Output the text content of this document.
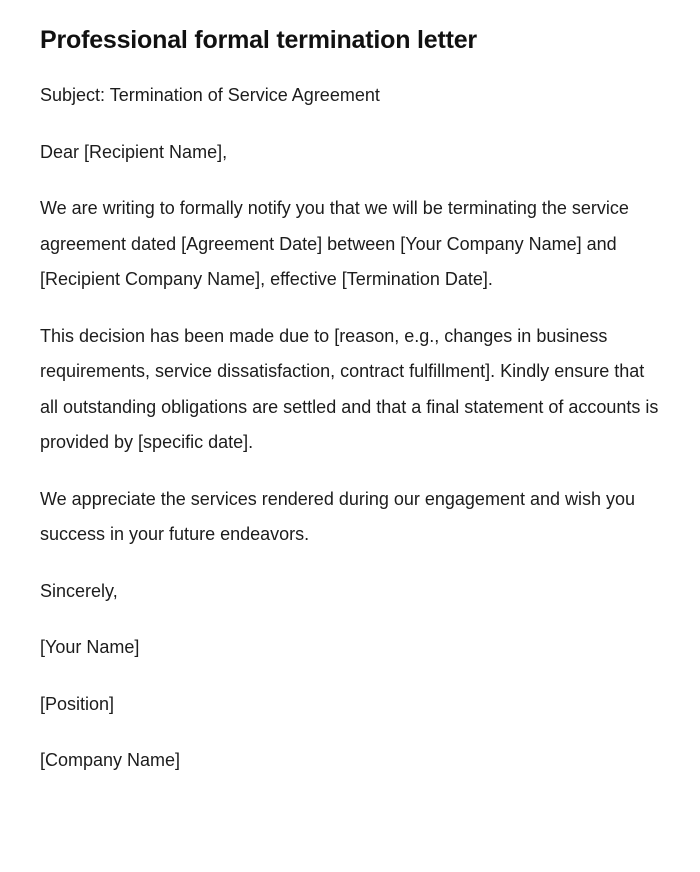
Professional formal termination letter

Subject: Termination of Service Agreement

Dear [Recipient Name],

We are writing to formally notify you that we will be terminating the service agreement dated [Agreement Date] between [Your Company Name] and [Recipient Company Name], effective [Termination Date].

This decision has been made due to [reason, e.g., changes in business requirements, service dissatisfaction, contract fulfillment]. Kindly ensure that all outstanding obligations are settled and that a final statement of accounts is provided by [specific date].

We appreciate the services rendered during our engagement and wish you success in your future endeavors.

Sincerely,

[Your Name]

[Position]

[Company Name]
